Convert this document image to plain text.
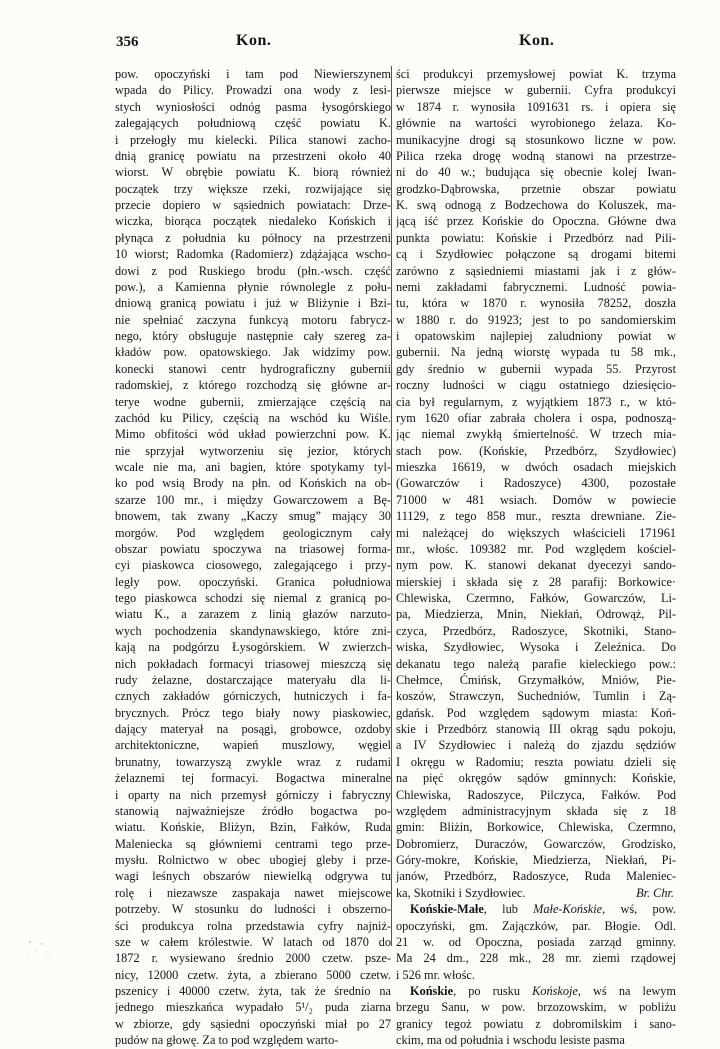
356	Kon.	Kon.
pow. opoczyński i tam pod Niewierszynem
wpada do Pilicy. Prowadzi ona wody z lesi-
stych wyniosłości odnóg pasma łysogórskiego
zalegających południową część powiatu K.
i przełogły mu kielecki. Pilica stanowi zacho-
dnią granicę powiatu na przestrzeni około 40
wiorst. W obrębie powiatu K. biorą również
początek trzy większe rzeki, rozwijające się
przecie dopiero w sąsiednich powiatach: Drze-
wiczka, biorąca początek niedaleko Końskich i
płynąca z południa ku północy na przestrzeni
10 wiorst; Radomka (Radomierz) zdążająca wscho-
dowi z pod Ruskiego brodu (płn.-wsch. część
pow.), a Kamienna płynie równolegle z połu-
dniową granicą powiatu i już w Bliżynie i Bzi-
nie spełniać zaczyna funkcyą motoru fabrycz-
nego, który obsługuje następnie cały szereg za-
kładów pow. opatowskiego. Jak widzimy pow.
konecki stanowi centr hydrograficzny gubernii
radomskiej, z którego rozchodzą się główne ar-
terye wodne gubernii, zmierzające częścią na
zachód ku Pilicy, częścią na wschód ku Wiśle.
Mimo obfitości wód układ powierzchni pow. K.
nie sprzyjał wytworzeniu się jezior, których
wcale nie ma, ani bagien, które spotykamy tyl-
ko pod wsią Brody na płn. od Końskich na ob-
szarze 100 mr., i między Gowarczowem a Bę-
bnowem, tak zwany „Kaczy smug” mający 30
morgów. Pod względem geologicznym cały
obszar powiatu spoczywa na triasowej forma-
cyi piaskowca ciosowego, zalegającego i przy-
legły pow. opoczyński. Granica południowa
tego piaskowca schodzi się niemal z granicą po-
wiatu K., a zarazem z linią głazów narzuto-
wych pochodzenia skandynawskiego, które zni-
kają na podgórzu Łysogórskiem. W zwierzch-
nich pokładach formacyi triasowej mieszczą się
rudy żelazne, dostarczające materyału dla li-
cznych zakładów górniczych, hutniczych i fa-
brycznych. Prócz tego biały nowy piaskowiec,
dający materyał na posągi, grobowce, ozdoby
architektoniczne, wapień muszlowy, węgiel
brunatny, towarzyszą zwykle wraz z rudami
żelaznemi tej formacyi. Bogactwa mineralne
i oparty na nich przemysł górniczy i fabryczny
stanowią najważniejsze źródło bogactwa po-
wiatu. Końskie, Bliżyn, Bzin, Fałków, Ruda
Maleniecka są główniemi centrami tego prze-
mysłu. Rolnictwo w obec ubogiej gleby i prze-
wagi leśnych obszarów niewielką odgrywa tu
rolę i niezawsze zaspakaja nawet miejscowe
potrzeby. W stosunku do ludności i obszerno-
ści produkcya rolna przedstawia cyfry najniż-
sze w całem królestwie. W latach od 1870 do
1872 r. wysiewano średnio 2000 czetw. psze-
nicy, 12000 czetw. żyta, a zbierano 5000 czetw.
pszenicy i 40000 czetw. żyta, tak że średnio na
jednego mieszkańca wypadało 5¹/₂ puda ziarna
w zbiorze, gdy sąsiedni opoczyński miał po 27
pudów na głowę. Za to pod względem warto-
ści produkcyi przemysłowej powiat K. trzyma
pierwsze miejsce w gubernii. Cyfra produkcyi
w 1874 r. wynosiła 1091631 rs. i opiera się
głównie na wartości wyrobionego żelaza. Ko-
munikacyjne drogi są stosunkowo liczne w pow.
Pilica rzeka drogę wodną stanowi na przestrze-
ni do 40 w.; budująca się obecnie kolej Iwan-
grodzko-Dąbrowska, przetnie obszar powiatu
K. swą odnogą z Bodzechowa do Koluszek, ma-
jącą iść przez Końskie do Opoczna. Główne dwa
punkta powiatu: Końskie i Przedbórz nad Pili-
cą i Szydłowiec połączone są drogami bitemi
zarówno z sąsiedniemi miastami jak i z głów-
nemi zakładami fabrycznemi. Ludność powia-
tu, która w 1870 r. wynosiła 78252, doszła
w 1880 r. do 91923; jest to po sandomierskim
i opatowskim najlepiej zaludniony powiat w
gubernii. Na jedną wiorstę wypada tu 58 mk.,
gdy średnio w gubernii wypada 55. Przyrost
roczny ludności w ciągu ostatniego dziesięcio-
cia był regularnym, z wyjątkiem 1873 r., w któ-
rym 1620 ofiar zabrała cholera i ospa, podnoszą-
jąc niemal zwykłą śmiertelność. W trzech mia-
stach pow. (Końskie, Przedbórz, Szydłowiec)
mieszka 16619, w dwóch osadach miejskich
(Gowarczów i Radoszyce) 4300, pozostałe
71000 w 481 wsiach. Domów w powiecie
11129, z tego 858 mur., reszta drewniane. Zie-
mi należącej do większych właścicieli 171961
mr., włośc. 109382 mr. Pod względem kościel-
nym pow. K. stanowi dekanat dyecezyi sando-
mierskiej i składa się z 28 parafij: Borkowice·
Chlewiska, Czermno, Fałków, Gowarczów, Li-
pa, Miedzierza, Mnin, Niekłań, Odrowąż, Pil-
czyca, Przedbórz, Radoszyce, Skotniki, Stano-
wiska, Szydłowiec, Wysoka i Zeleźnica. Do
dekanatu tego należą parafie kieleckiego pow.:
Chełmce, Ćmińsk, Grzymałków, Mniów, Pie-
koszów, Strawczyn, Suchedniów, Tumlin i Zą-
gdańsk. Pod względem sądowym miasta: Koń-
skie i Przedbórz stanowią III okrąg sądu pokoju,
a IV Szydłowiec i należą do zjazdu sędziów
I okręgu w Radomiu; reszta powiatu dzieli się
na pięć okręgów sądów gminnych: Końskie,
Chlewiska, Radoszyce, Pilczyca, Fałków. Pod
względem administracyjnym składa się z 18
gmin: Bliżin, Borkowice, Chlewiska, Czermno,
Dobromierz, Duraczów, Gowarczów, Grodzisko,
Góry-mokre, Końskie, Miedzierza, Niekłań, Pi-
janów, Przedbórz, Radoszyce, Ruda Maleniec-
ka, Skotniki i Szydłowiec.	Br. Chr.
Końskie-Małe, lub Małe-Końskie, wś, pow.
opoczyński, gm. Zajączków, par. Błogie. Odl.
21 w. od Opoczna, posiada zarząd gminny.
Ma 24 dm., 228 mk., 28 mr. ziemi rządowej
i 526 mr. włośc.
Końskie, po rusku Końskoje, wś na lewym
brzegu Sanu, w pow. brzozowskim, w pobliżu
granicy tegoż powiatu z dobromilskim i sano-
ckim, ma od południa i wschodu lesiste pasma
